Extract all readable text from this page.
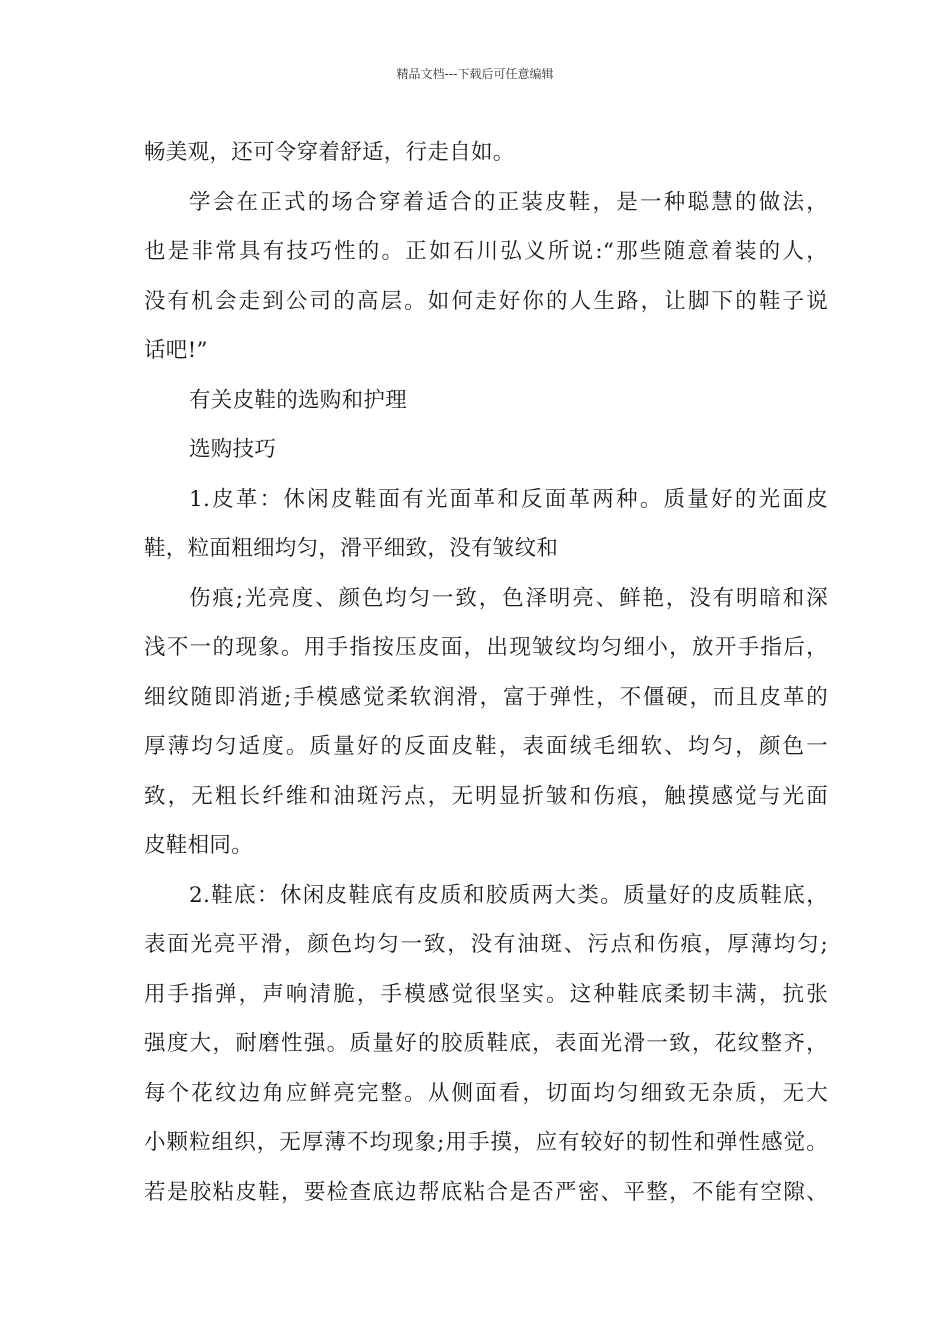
精品文档---下载后可任意编辑
畅美观，还可令穿着舒适，行走自如。
学会在正式的场合穿着适合的正装皮鞋，是一种聪慧的做法，
也是非常具有技巧性的。正如石川弘义所说:“那些随意着装的人，
没有机会走到公司的高层。如何走好你的人生路，让脚下的鞋子说
话吧!”
有关皮鞋的选购和护理
选购技巧
1.皮革：休闲皮鞋面有光面革和反面革两种。质量好的光面皮
鞋，粒面粗细均匀，滑平细致，没有皱纹和
伤痕;光亮度、颜色均匀一致，色泽明亮、鲜艳，没有明暗和深
浅不一的现象。用手指按压皮面，出现皱纹均匀细小，放开手指后，
细纹随即消逝;手模感觉柔软润滑，富于弹性，不僵硬，而且皮革的
厚薄均匀适度。质量好的反面皮鞋，表面绒毛细软、均匀，颜色一
致，无粗长纤维和油斑污点，无明显折皱和伤痕，触摸感觉与光面
皮鞋相同。
2.鞋底：休闲皮鞋底有皮质和胶质两大类。质量好的皮质鞋底，
表面光亮平滑，颜色均匀一致，没有油斑、污点和伤痕，厚薄均匀;
用手指弹，声响清脆，手模感觉很坚实。这种鞋底柔韧丰满，抗张
强度大，耐磨性强。质量好的胶质鞋底，表面光滑一致，花纹整齐，
每个花纹边角应鲜亮完整。从侧面看，切面均匀细致无杂质，无大
小颗粒组织，无厚薄不均现象;用手摸，应有较好的韧性和弹性感觉。
若是胶粘皮鞋，要检查底边帮底粘合是否严密、平整，不能有空隙、
